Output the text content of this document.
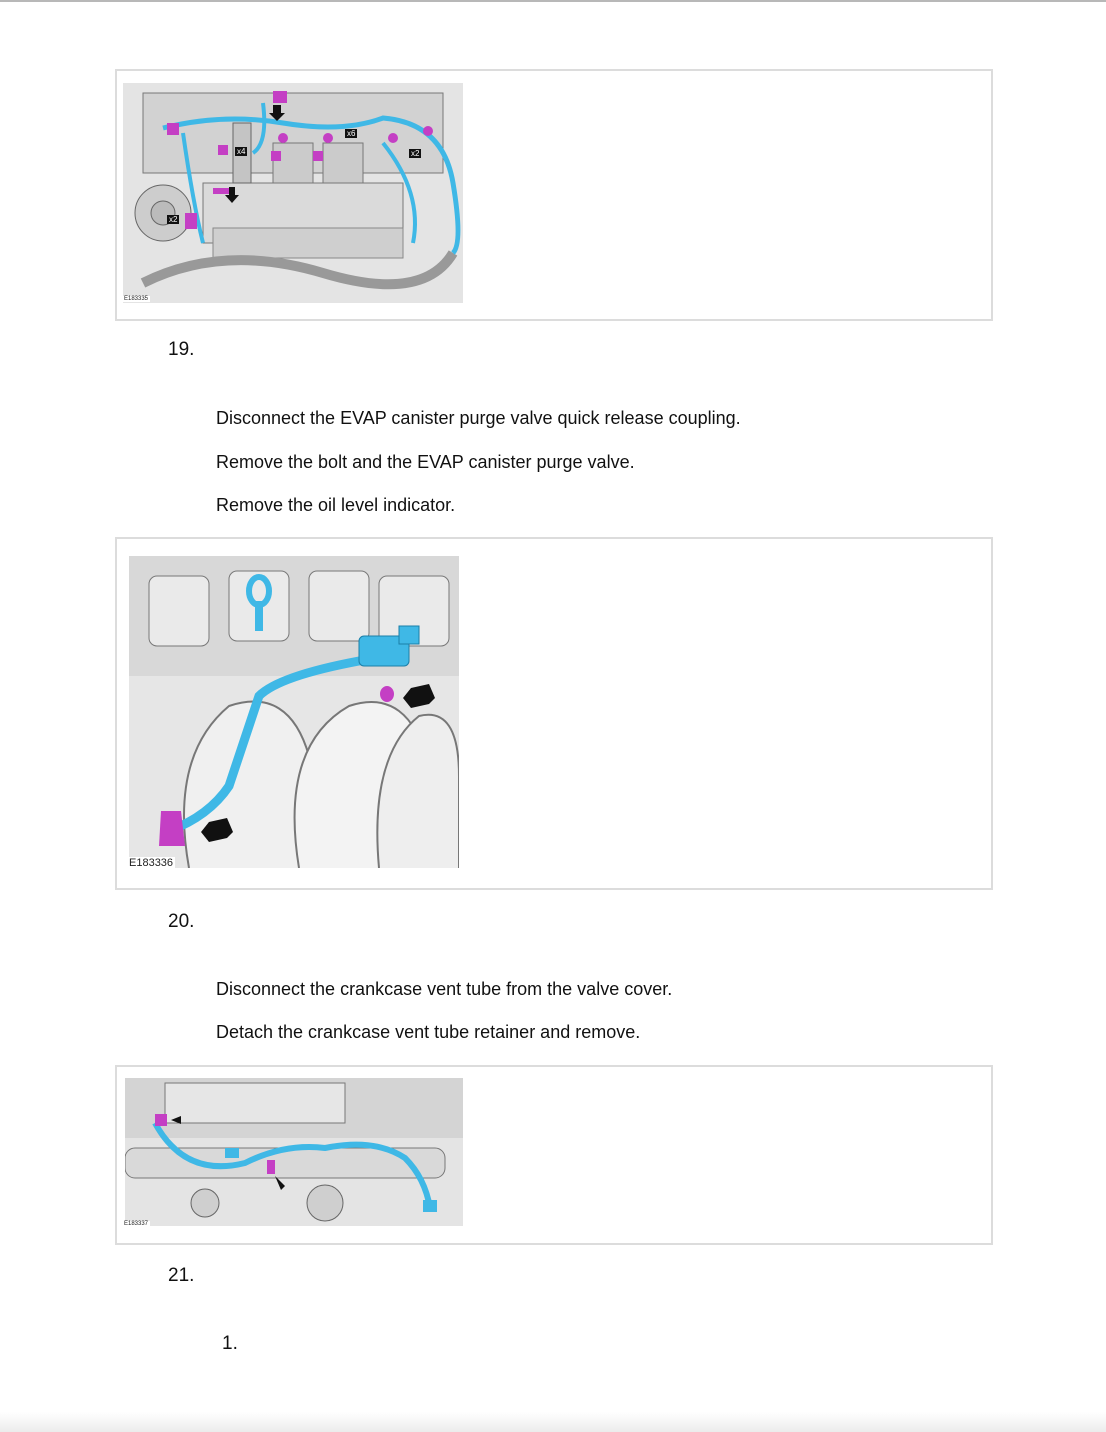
x4
x6
x2
x2
E183335
19.
Disconnect the EVAP canister purge valve quick release coupling.
Remove the bolt and the EVAP canister purge valve.
Remove the oil level indicator.
E183336
20.
Disconnect the crankcase vent tube from the valve cover.
Detach the crankcase vent tube retainer and remove.
E183337
21.
1.
